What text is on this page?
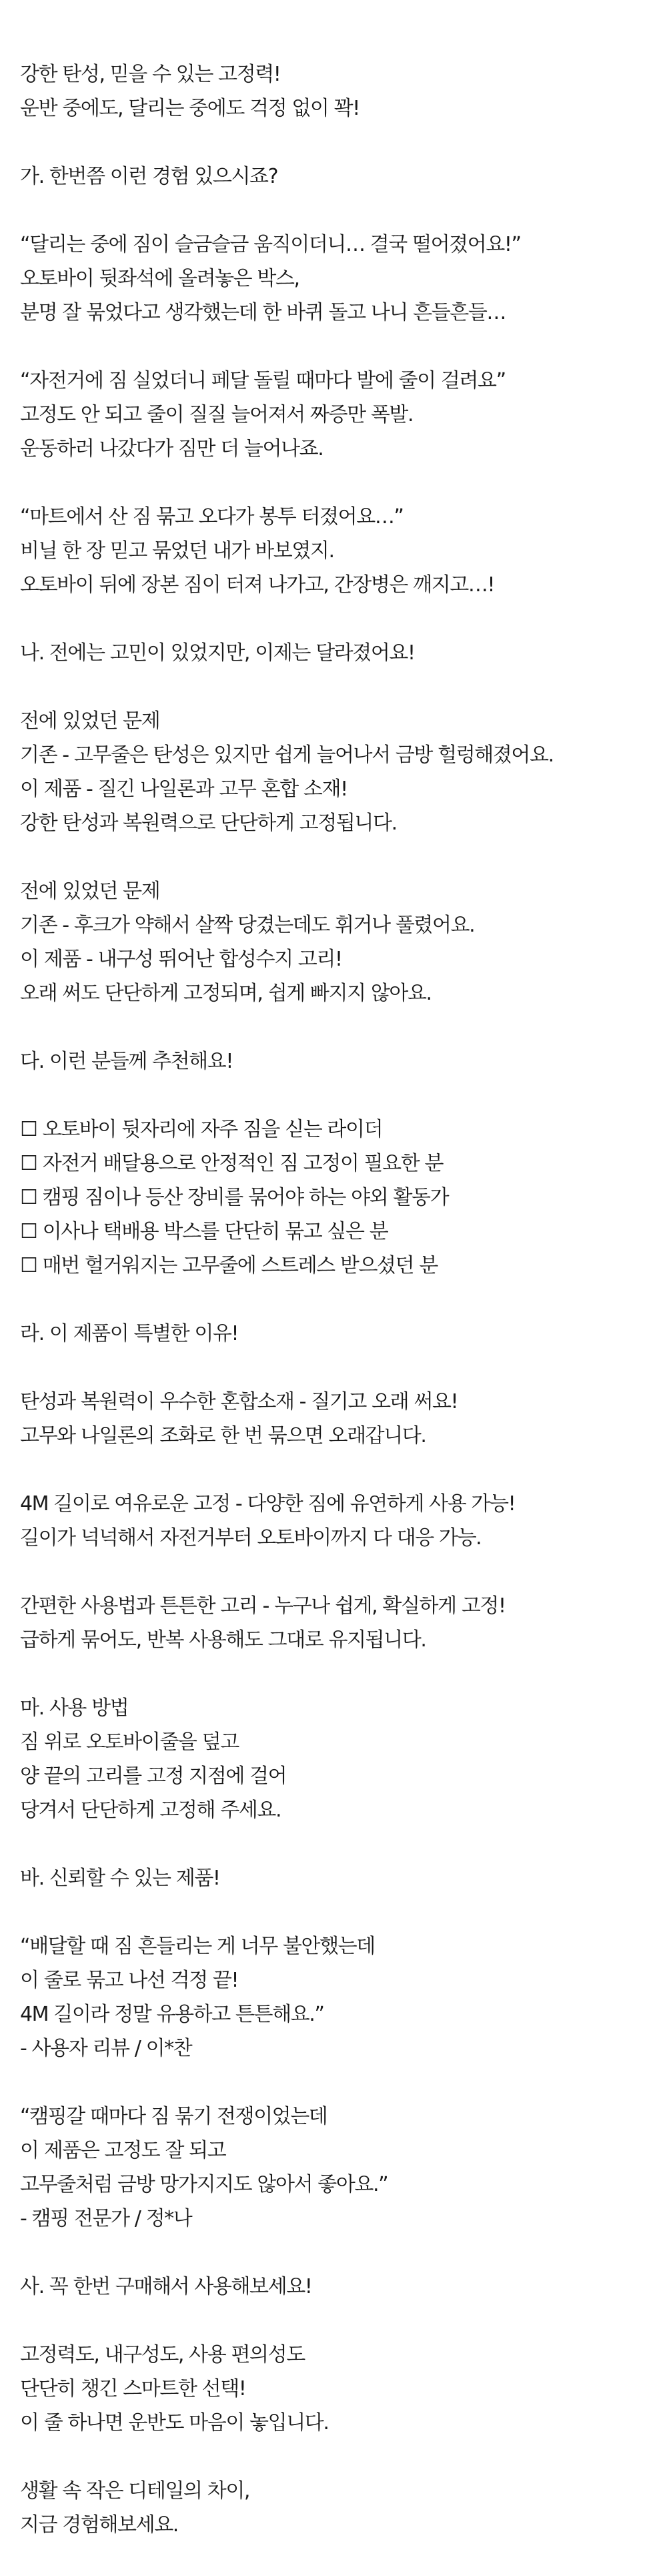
강한 탄성, 믿을 수 있는 고정력!
운반 중에도, 달리는 중에도 걱정 없이 꽉!

가. 한번쯤 이런 경험 있으시죠?

“달리는 중에 짐이 슬금슬금 움직이더니… 결국 떨어졌어요!”
오토바이 뒷좌석에 올려놓은 박스,
분명 잘 묶었다고 생각했는데 한 바퀴 돌고 나니 흔들흔들…

“자전거에 짐 실었더니 페달 돌릴 때마다 발에 줄이 걸려요”
고정도 안 되고 줄이 질질 늘어져서 짜증만 폭발.
운동하러 나갔다가 짐만 더 늘어나죠.

“마트에서 산 짐 묶고 오다가 봉투 터졌어요…”
비닐 한 장 믿고 묶었던 내가 바보였지.
오토바이 뒤에 장본 짐이 터져 나가고, 간장병은 깨지고…!

나. 전에는 고민이 있었지만, 이제는 달라졌어요!

전에 있었던 문제
기존 - 고무줄은 탄성은 있지만 쉽게 늘어나서 금방 헐렁해졌어요.
이 제품 - 질긴 나일론과 고무 혼합 소재!
강한 탄성과 복원력으로 단단하게 고정됩니다.

전에 있었던 문제
기존 - 후크가 약해서 살짝 당겼는데도 휘거나 풀렸어요.
이 제품 - 내구성 뛰어난 합성수지 고리!
오래 써도 단단하게 고정되며, 쉽게 빠지지 않아요.

다. 이런 분들께 추천해요!

☐ 오토바이 뒷자리에 자주 짐을 싣는 라이더
☐ 자전거 배달용으로 안정적인 짐 고정이 필요한 분
☐ 캠핑 짐이나 등산 장비를 묶어야 하는 야외 활동가
☐ 이사나 택배용 박스를 단단히 묶고 싶은 분
☐ 매번 헐거워지는 고무줄에 스트레스 받으셨던 분

라. 이 제품이 특별한 이유!

탄성과 복원력이 우수한 혼합소재 - 질기고 오래 써요!
고무와 나일론의 조화로 한 번 묶으면 오래갑니다.

4M 길이로 여유로운 고정 - 다양한 짐에 유연하게 사용 가능!
길이가 넉넉해서 자전거부터 오토바이까지 다 대응 가능.

간편한 사용법과 튼튼한 고리 - 누구나 쉽게, 확실하게 고정!
급하게 묶어도, 반복 사용해도 그대로 유지됩니다.

마. 사용 방법
짐 위로 오토바이줄을 덮고
양 끝의 고리를 고정 지점에 걸어
당겨서 단단하게 고정해 주세요.

바. 신뢰할 수 있는 제품!

“배달할 때 짐 흔들리는 게 너무 불안했는데
이 줄로 묶고 나선 걱정 끝!
4M 길이라 정말 유용하고 튼튼해요.”
- 사용자 리뷰 / 이*찬

“캠핑갈 때마다 짐 묶기 전쟁이었는데
이 제품은 고정도 잘 되고
고무줄처럼 금방 망가지지도 않아서 좋아요.”
- 캠핑 전문가 / 정*나

사. 꼭 한번 구매해서 사용해보세요!

고정력도, 내구성도, 사용 편의성도
단단히 챙긴 스마트한 선택!
이 줄 하나면 운반도 마음이 놓입니다.

생활 속 작은 디테일의 차이,
지금 경험해보세요.
